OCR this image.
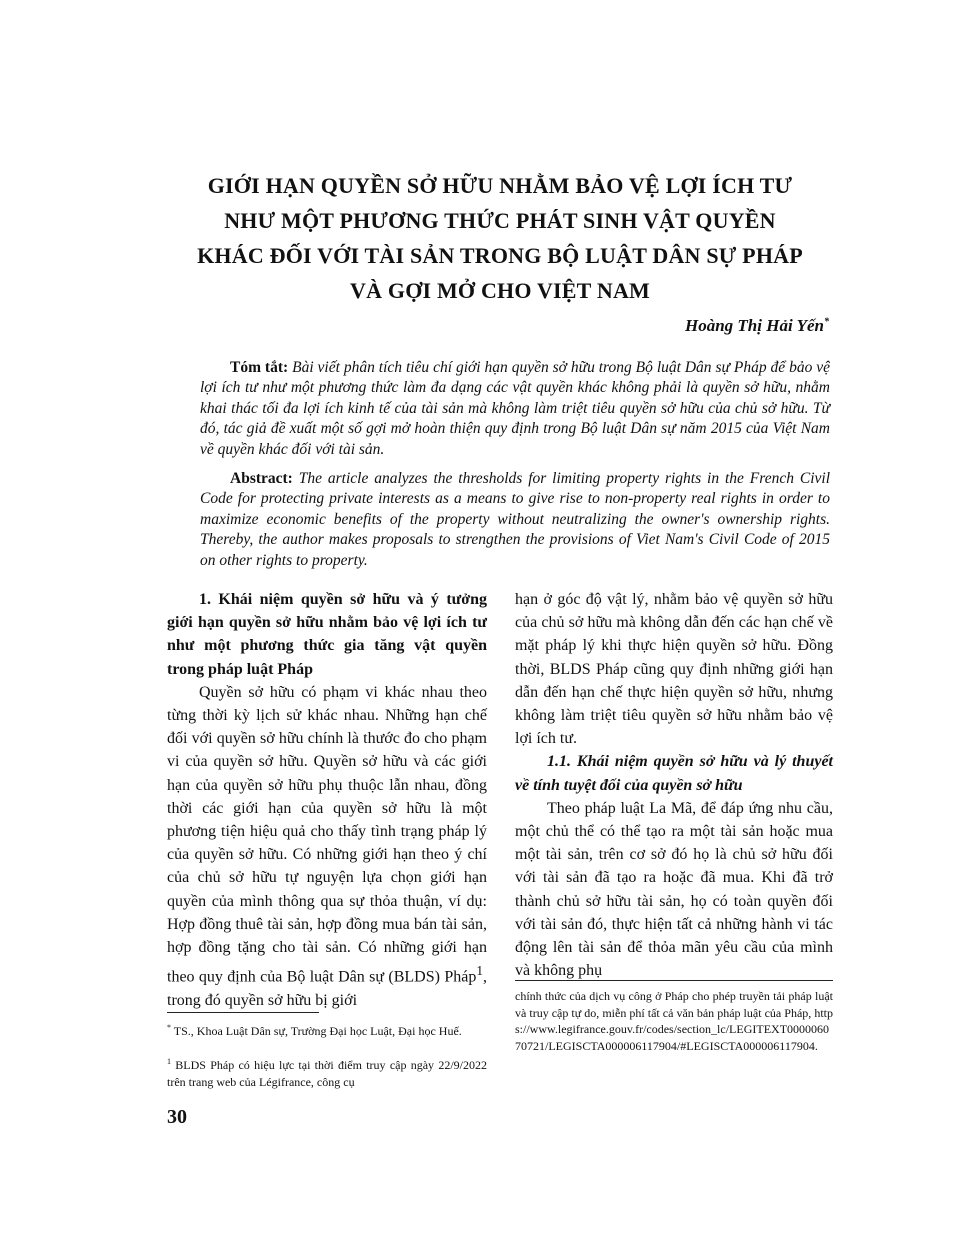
GIỚI HẠN QUYỀN SỞ HỮU NHẰM BẢO VỆ LỢI ÍCH TƯ
NHƯ MỘT PHƯƠNG THỨC PHÁT SINH VẬT QUYỀN
KHÁC ĐỐI VỚI TÀI SẢN TRONG BỘ LUẬT DÂN SỰ PHÁP
VÀ GỢI MỞ CHO VIỆT NAM
Hoàng Thị Hải Yến*

Tóm tắt: Bài viết phân tích tiêu chí giới hạn quyền sở hữu trong Bộ luật Dân sự Pháp để bảo vệ lợi ích tư như một phương thức làm đa dạng các vật quyền khác không phải là quyền sở hữu, nhằm khai thác tối đa lợi ích kinh tế của tài sản mà không làm triệt tiêu quyền sở hữu của chủ sở hữu. Từ đó, tác giả đề xuất một số gợi mở hoàn thiện quy định trong Bộ luật Dân sự năm 2015 của Việt Nam về quyền khác đối với tài sản.

Abstract: The article analyzes the thresholds for limiting property rights in the French Civil Code for protecting private interests as a means to give rise to non-property real rights in order to maximize economic benefits of the property without neutralizing the owner's ownership rights. Thereby, the author makes proposals to strengthen the provisions of Viet Nam's Civil Code of 2015 on other rights to property.

1. Khái niệm quyền sở hữu và ý tưởng giới hạn quyền sở hữu nhằm bảo vệ lợi ích tư như một phương thức gia tăng vật quyền trong pháp luật Pháp

Quyền sở hữu có phạm vi khác nhau theo từng thời kỳ lịch sử khác nhau. Những hạn chế đối với quyền sở hữu chính là thước đo cho phạm vi của quyền sở hữu. Quyền sở hữu và các giới hạn của quyền sở hữu phụ thuộc lẫn nhau, đồng thời các giới hạn của quyền sở hữu là một phương tiện hiệu quả cho thấy tình trạng pháp lý của quyền sở hữu. Có những giới hạn theo ý chí của chủ sở hữu tự nguyện lựa chọn giới hạn quyền của mình thông qua sự thỏa thuận, ví dụ: Hợp đồng thuê tài sản, hợp đồng mua bán tài sản, hợp đồng tặng cho tài sản. Có những giới hạn theo quy định của Bộ luật Dân sự (BLDS) Pháp$^1$, trong đó quyền sở hữu bị giới

hạn ở góc độ vật lý, nhằm bảo vệ quyền sở hữu của chủ sở hữu mà không dẫn đến các hạn chế về mặt pháp lý khi thực hiện quyền sở hữu. Đồng thời, BLDS Pháp cũng quy định những giới hạn dẫn đến hạn chế thực hiện quyền sở hữu, nhưng không làm triệt tiêu quyền sở hữu nhằm bảo vệ lợi ích tư.

1.1. Khái niệm quyền sở hữu và lý thuyết về tính tuyệt đối của quyền sở hữu

Theo pháp luật La Mã, để đáp ứng nhu cầu, một chủ thể có thể tạo ra một tài sản hoặc mua một tài sản, trên cơ sở đó họ là chủ sở hữu đối với tài sản đã tạo ra hoặc đã mua. Khi đã trở thành chủ sở hữu tài sản, họ có toàn quyền đối với tài sản đó, thực hiện tất cả những hành vi tác động lên tài sản để thỏa mãn yêu cầu của mình và không phụ

* TS., Khoa Luật Dân sự, Trường Đại học Luật, Đại học Huế.

$^1$ BLDS Pháp có hiệu lực tại thời điểm truy cập ngày 22/9/2022 trên trang web của Légifrance, công cụ

chính thức của dịch vụ công ở Pháp cho phép truyền tải pháp luật và truy cập tự do, miễn phí tất cả văn bản pháp luật của Pháp, https://www.legifrance.gouv.fr/codes/section_lc/LEGITEXT000006070721/LEGISCTA000006117904/#LEGISCTA000006117904.

30
